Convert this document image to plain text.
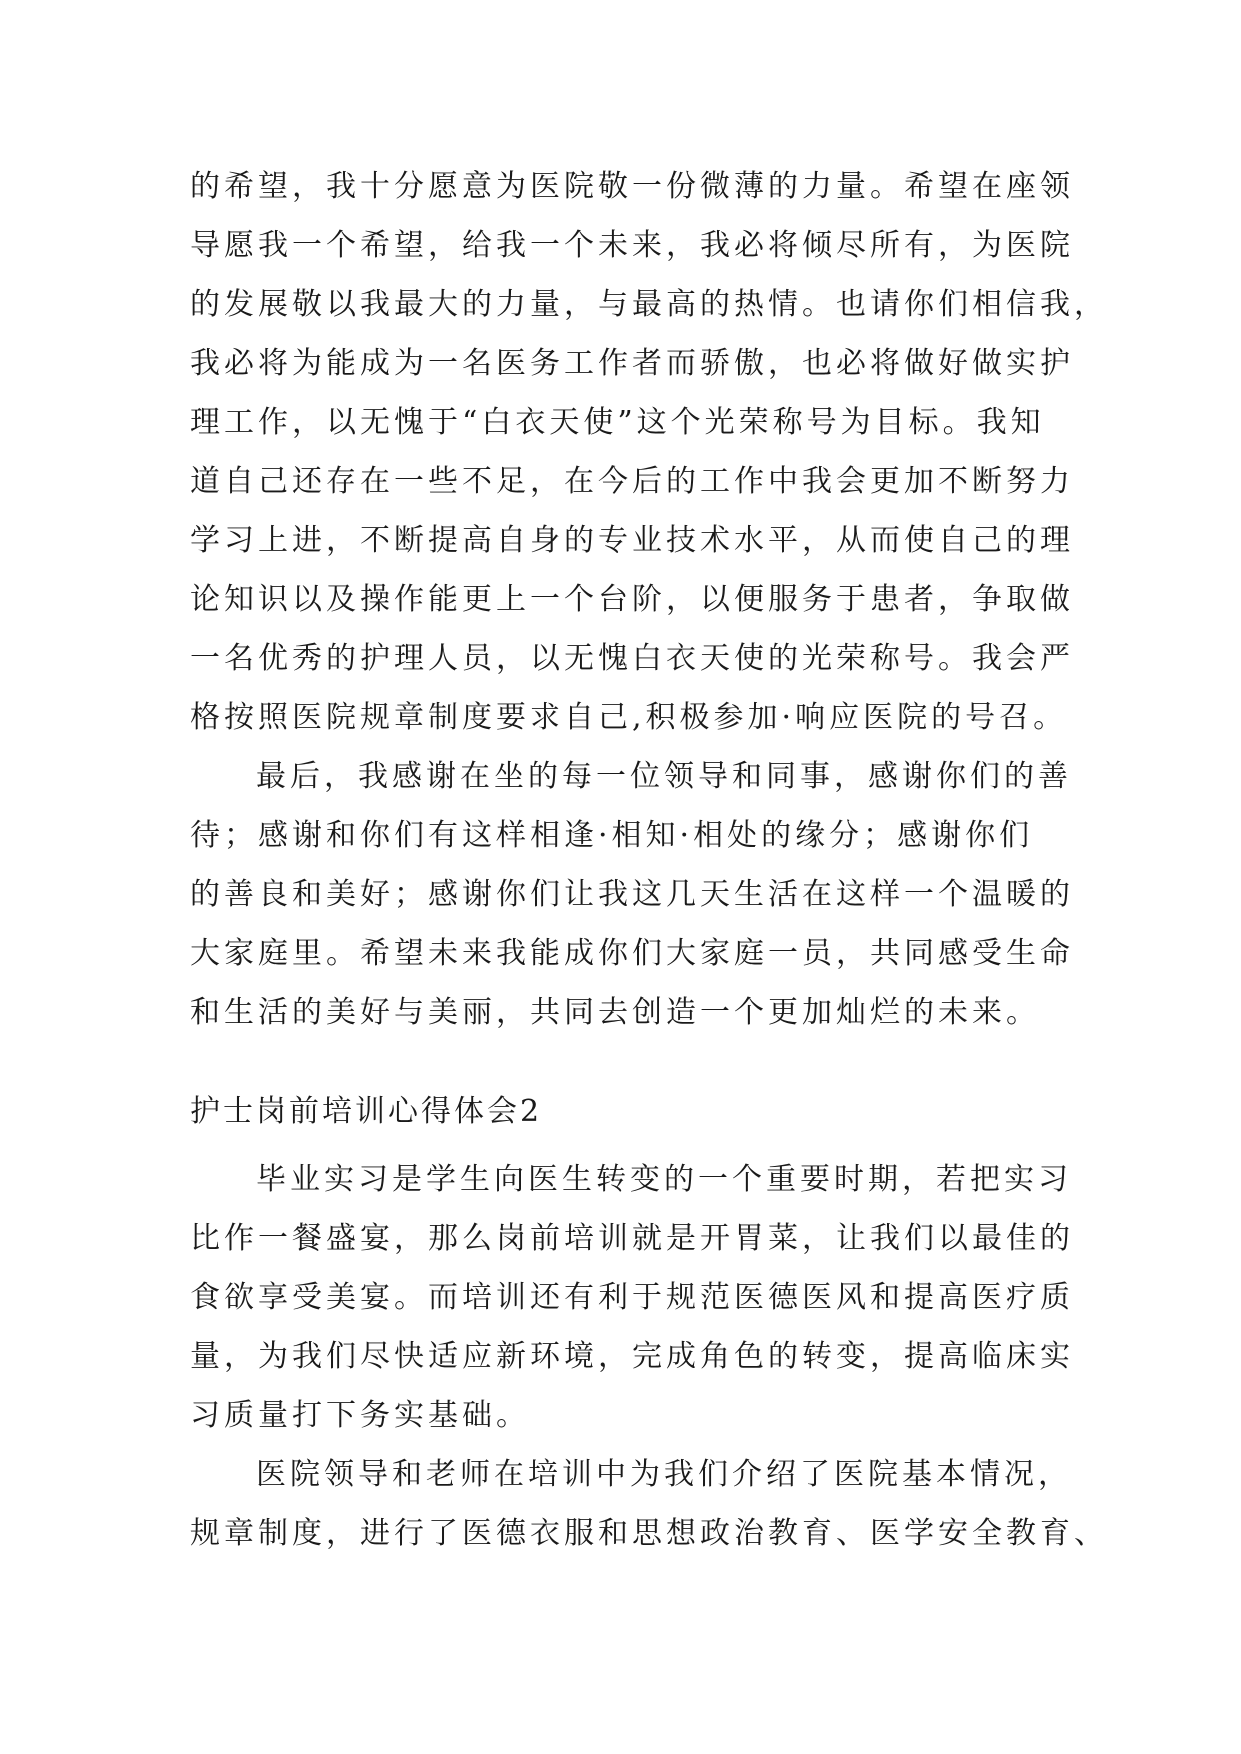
的希望，我十分愿意为医院敬一份微薄的力量。希望在座领
导愿我一个希望，给我一个未来，我必将倾尽所有，为医院
的发展敬以我最大的力量，与最高的热情。也请你们相信我，
我必将为能成为一名医务工作者而骄傲，也必将做好做实护
理工作，以无愧于“白衣天使”这个光荣称号为目标。我知
道自己还存在一些不足，在今后的工作中我会更加不断努力
学习上进，不断提高自身的专业技术水平，从而使自己的理
论知识以及操作能更上一个台阶，以便服务于患者，争取做
一名优秀的护理人员，以无愧白衣天使的光荣称号。我会严
格按照医院规章制度要求自己,积极参加·响应医院的号召。
最后，我感谢在坐的每一位领导和同事，感谢你们的善
待；感谢和你们有这样相逢·相知·相处的缘分；感谢你们
的善良和美好；感谢你们让我这几天生活在这样一个温暖的
大家庭里。希望未来我能成你们大家庭一员，共同感受生命
和生活的美好与美丽，共同去创造一个更加灿烂的未来。
护士岗前培训心得体会2
毕业实习是学生向医生转变的一个重要时期，若把实习
比作一餐盛宴，那么岗前培训就是开胃菜，让我们以最佳的
食欲享受美宴。而培训还有利于规范医德医风和提高医疗质
量，为我们尽快适应新环境，完成角色的转变，提高临床实
习质量打下务实基础。
医院领导和老师在培训中为我们介绍了医院基本情况，
规章制度，进行了医德衣服和思想政治教育、医学安全教育、
